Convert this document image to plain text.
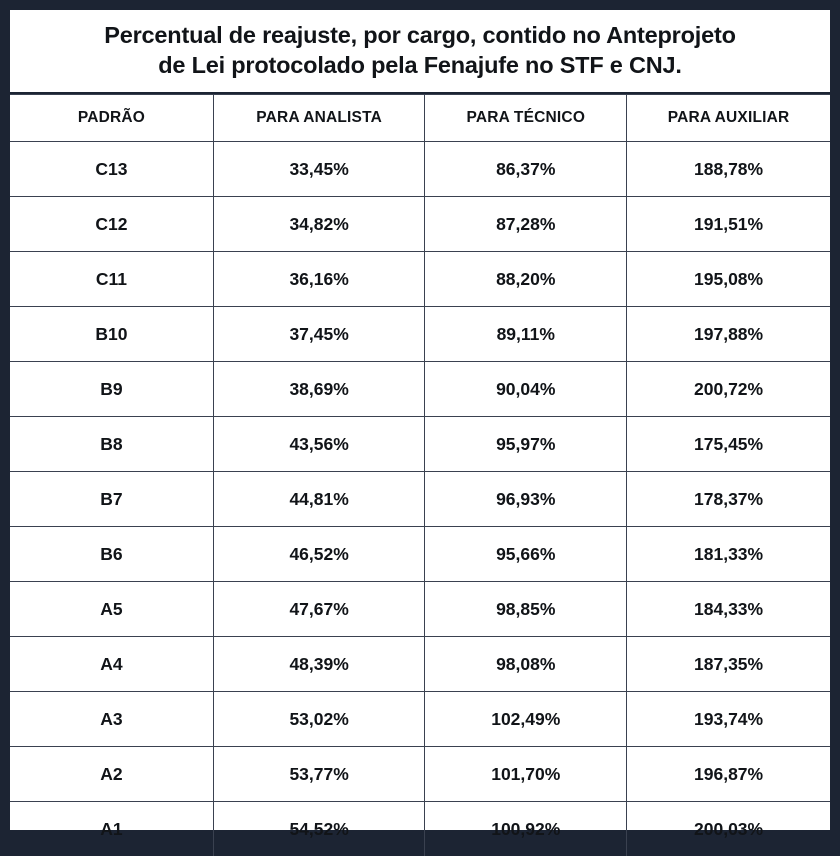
Percentual de reajuste, por cargo, contido no Anteprojeto
de Lei protocolado pela Fenajufe no STF e CNJ.
PADRÃO	PARA ANALISTA	PARA TÉCNICO	PARA AUXILIAR
C13	33,45%	86,37%	188,78%
C12	34,82%	87,28%	191,51%
C11	36,16%	88,20%	195,08%
B10	37,45%	89,11%	197,88%
B9	38,69%	90,04%	200,72%
B8	43,56%	95,97%	175,45%
B7	44,81%	96,93%	178,37%
B6	46,52%	95,66%	181,33%
A5	47,67%	98,85%	184,33%
A4	48,39%	98,08%	187,35%
A3	53,02%	102,49%	193,74%
A2	53,77%	101,70%	196,87%
A1	54,52%	100,92%	200,03%
